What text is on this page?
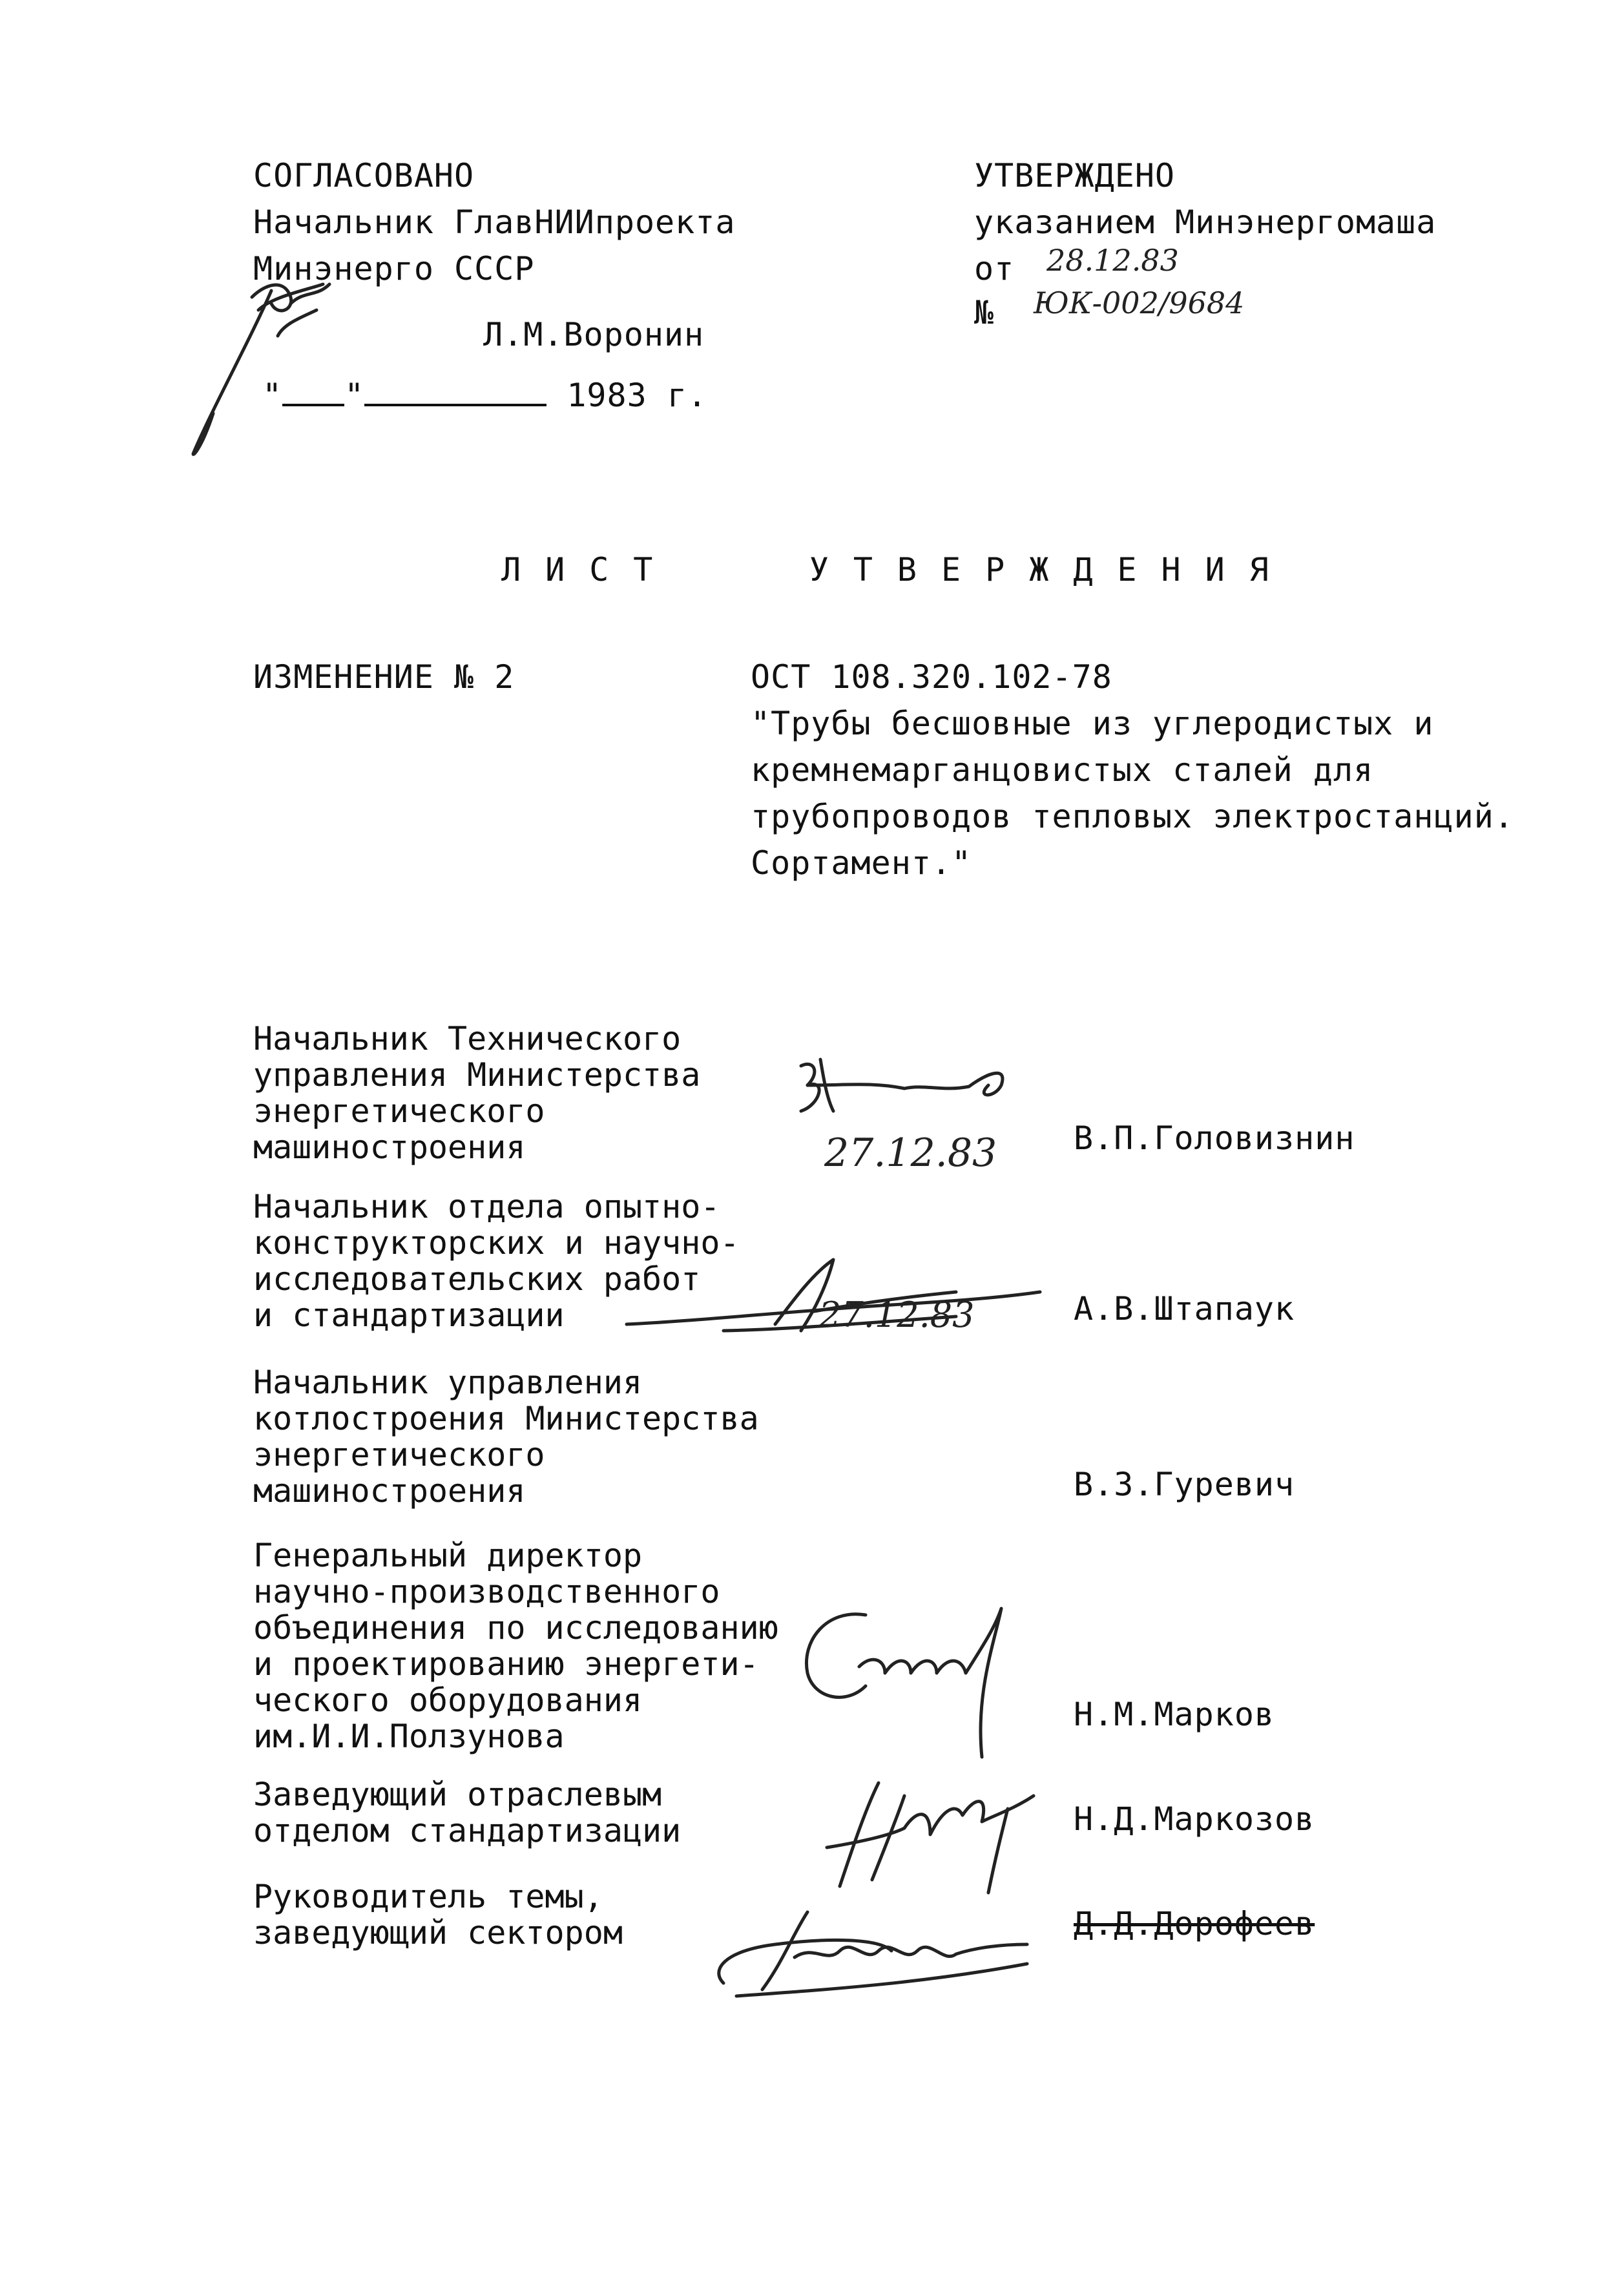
СОГЛАСОВАНО
Начальник ГлавНИИпроекта
Минэнерго СССР
Л.М.Воронин
" "	1983 г.
УТВЕРЖДЕНО
указанием Минэнергомаша
от 28.12.83
№ ЮК-002/9684
ЛИСТ   УТВЕРЖДЕНИЯ
ИЗМЕНЕНИЕ № 2	ОСТ 108.320.102-78
"Трубы бесшовные из углеродистых и
кремнемарганцовистых сталей для
трубопроводов тепловых электростанций.
Сортамент."
Начальник Технического
управления Министерства
энергетического
машиностроения	27.12.83 В.П.Головизнин
Начальник отдела опытно-
конструкторских и научно-
исследовательских работ
и стандартизации	27.12.83	А.В.Штапаук
Начальник управления
котлостроения Министерства
энергетического
машиностроения	В.З.Гуревич
Генеральный директор
научно-производственного
объединения по исследованию
и проектированию энергети-
ческого оборудования
им.И.И.Ползунова
Н.М.Марков
Заведующий отраслевым
отделом стандартизации	Н.Д.Маркозов
Руководитель темы,
заведующий сектором	Д.Д.Дорофеев
